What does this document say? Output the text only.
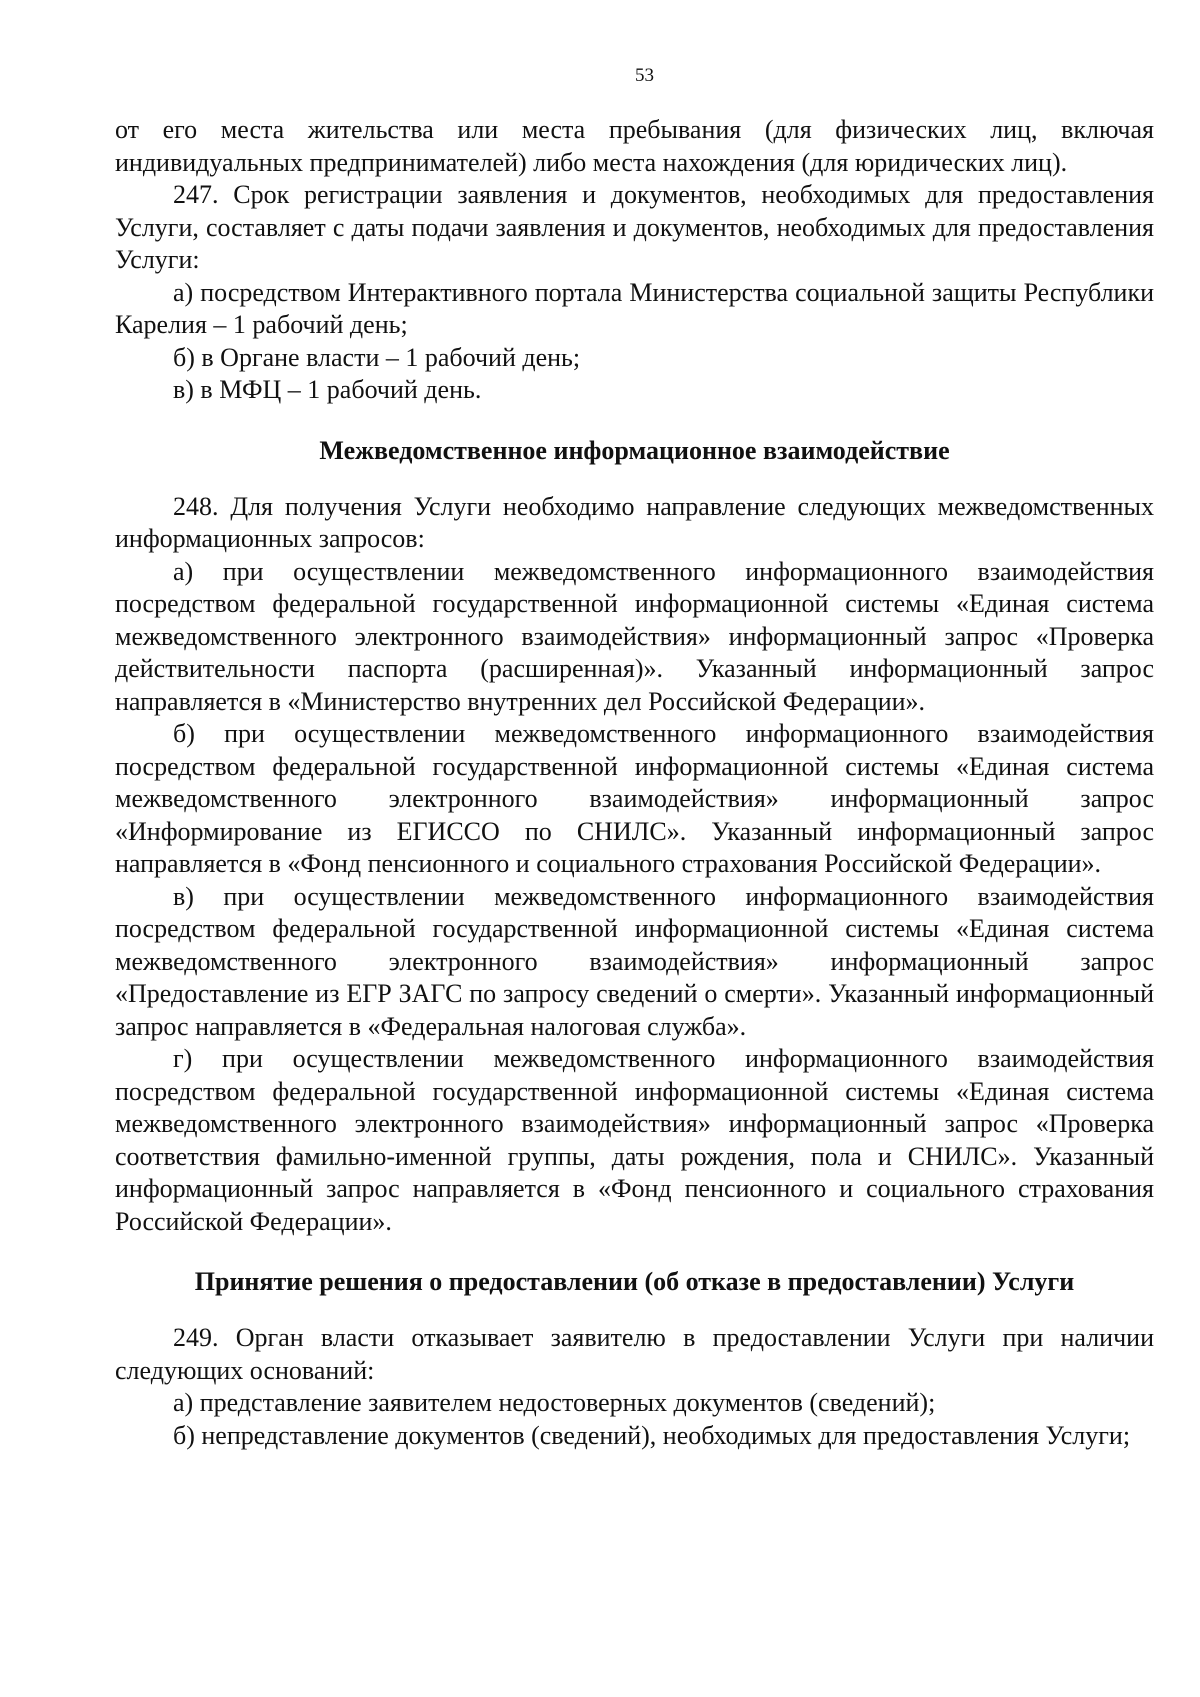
53

от его места жительства или места пребывания (для физических лиц, включая индивидуальных предпринимателей) либо места нахождения (для юридических лиц).

247. Срок регистрации заявления и документов, необходимых для предоставления Услуги, составляет с даты подачи заявления и документов, необходимых для предоставления Услуги:

а) посредством Интерактивного портала Министерства социальной защиты Республики Карелия – 1 рабочий день;

б) в Органе власти – 1 рабочий день;

в) в МФЦ – 1 рабочий день.

Межведомственное информационное взаимодействие

248. Для получения Услуги необходимо направление следующих межведомственных информационных запросов:

а) при осуществлении межведомственного информационного взаимодействия посредством федеральной государственной информационной системы «Единая система межведомственного электронного взаимодействия» информационный запрос «Проверка действительности паспорта (расширенная)». Указанный информационный запрос направляется в «Министерство внутренних дел Российской Федерации».

б) при осуществлении межведомственного информационного взаимодействия посредством федеральной государственной информационной системы «Единая система межведомственного электронного взаимодействия» информационный запрос «Информирование из ЕГИССО по СНИЛС». Указанный информационный запрос направляется в «Фонд пенсионного и социального страхования Российской Федерации».

в) при осуществлении межведомственного информационного взаимодействия посредством федеральной государственной информационной системы «Единая система межведомственного электронного взаимодействия» информационный запрос «Предоставление из ЕГР ЗАГС по запросу сведений о смерти». Указанный информационный запрос направляется в «Федеральная налоговая служба».

г) при осуществлении межведомственного информационного взаимодействия посредством федеральной государственной информационной системы «Единая система межведомственного электронного взаимодействия» информационный запрос «Проверка соответствия фамильно-именной группы, даты рождения, пола и СНИЛС». Указанный информационный запрос направляется в «Фонд пенсионного и социального страхования Российской Федерации».

Принятие решения о предоставлении (об отказе в предоставлении) Услуги

249. Орган власти отказывает заявителю в предоставлении Услуги при наличии следующих оснований:

а) представление заявителем недостоверных документов (сведений);

б) непредставление документов (сведений), необходимых для предоставления Услуги;
